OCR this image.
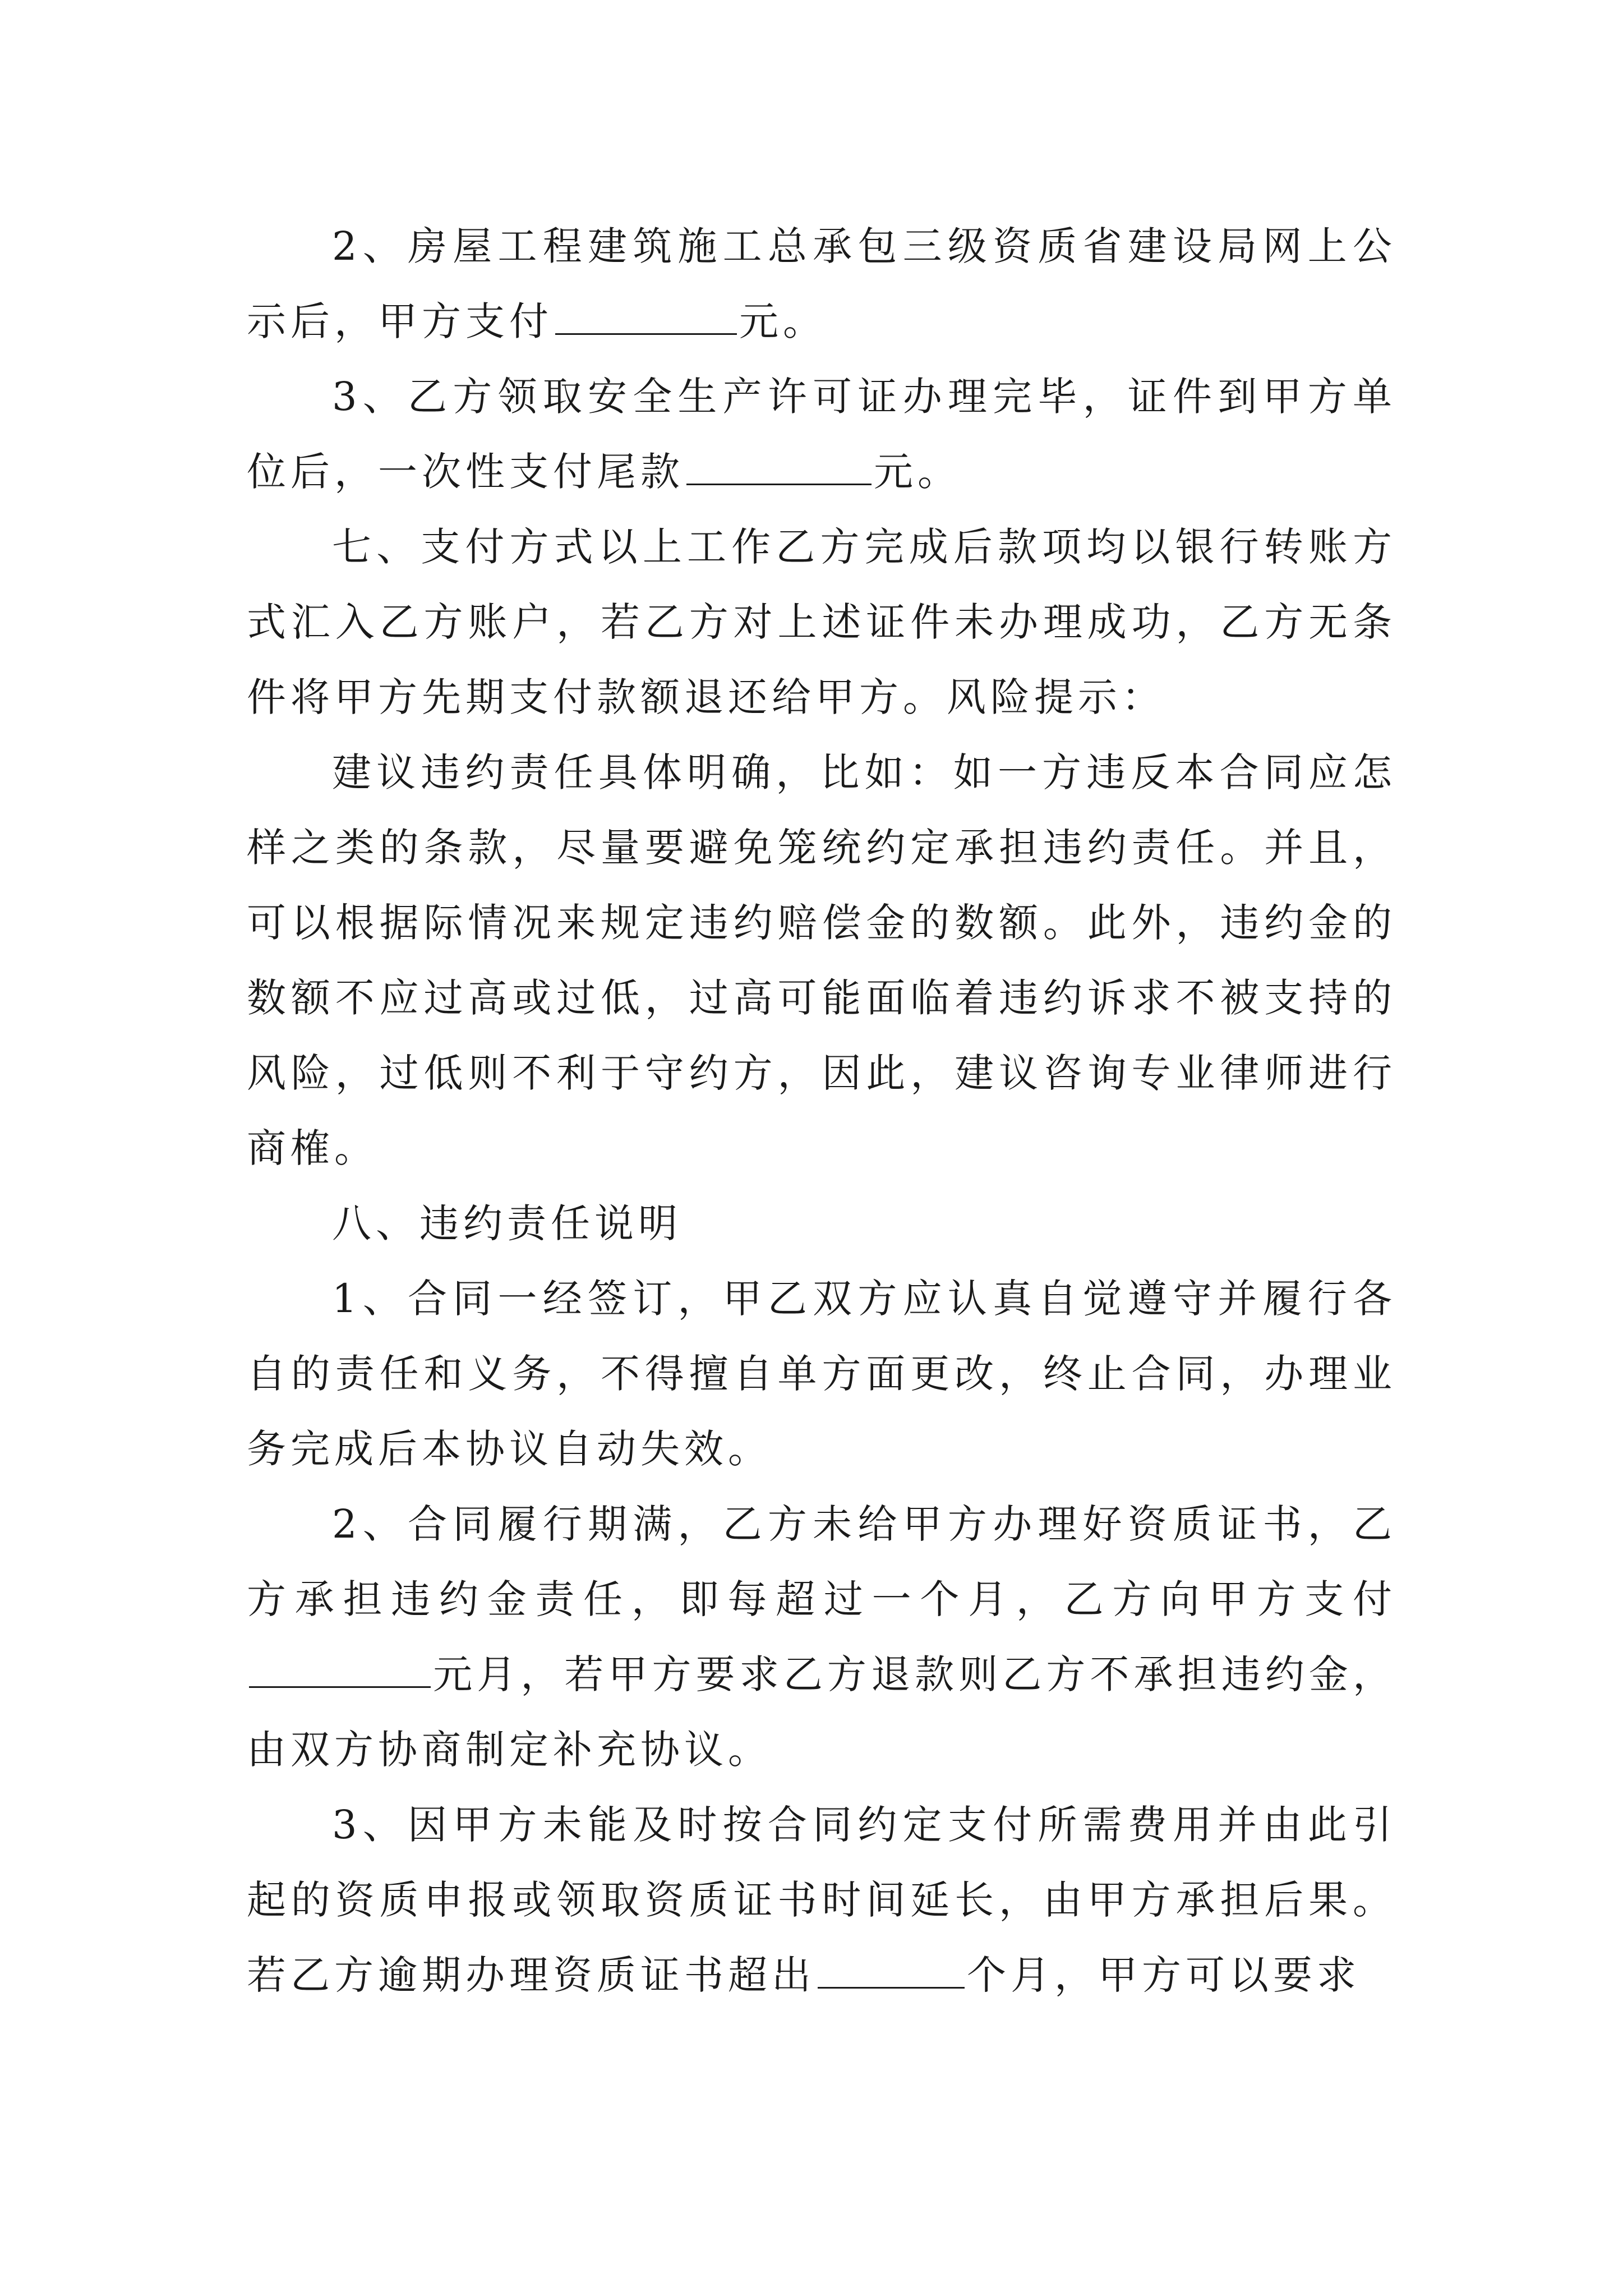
2、房屋工程建筑施工总承包三级资质省建设局网上公示后，甲方支付	元。

3、乙方领取安全生产许可证办理完毕，证件到甲方单位后，一次性支付尾款	元。

七、支付方式以上工作乙方完成后款项均以银行转账方式汇入乙方账户，若乙方对上述证件未办理成功，乙方无条件将甲方先期支付款额退还给甲方。风险提示：

建议违约责任具体明确，比如：如一方违反本合同应怎样之类的条款，尽量要避免笼统约定承担违约责任。并且，可以根据际情况来规定违约赔偿金的数额。此外，违约金的数额不应过高或过低，过高可能面临着违约诉求不被支持的风险，过低则不利于守约方，因此，建议咨询专业律师进行商榷。

八、违约责任说明

1、合同一经签订，甲乙双方应认真自觉遵守并履行各自的责任和义务，不得擅自单方面更改，终止合同，办理业务完成后本协议自动失效。

2、合同履行期满，乙方未给甲方办理好资质证书，乙方承担违约金责任，即每超过一个月，乙方向甲方支付元月，若甲方要求乙方退款则乙方不承担违约金，由双方协商制定补充协议。

3、因甲方未能及时按合同约定支付所需费用并由此引起的资质申报或领取资质证书时间延长，由甲方承担后果。若乙方逾期办理资质证书超出	个月，甲方可以要求
